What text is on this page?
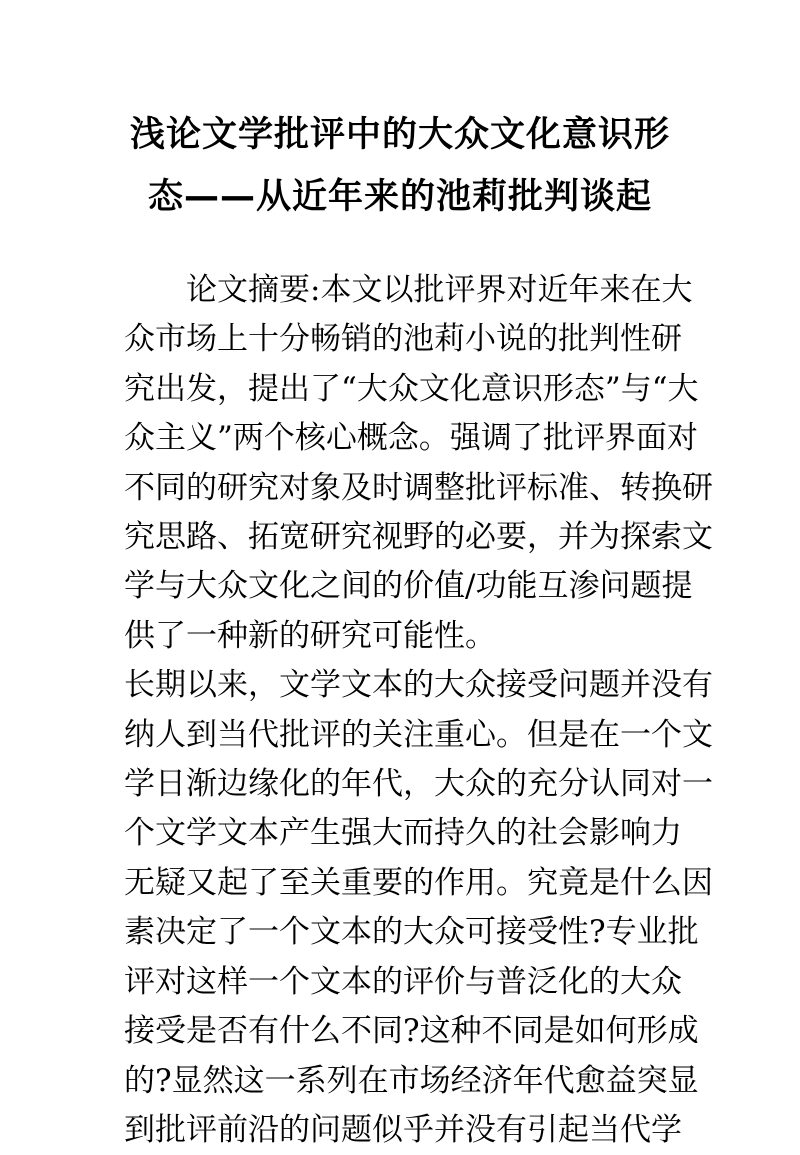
浅论文学批评中的大众文化意识形
态——从近年来的池莉批判谈起
论文摘要:本文以批评界对近年来在大
众市场上十分畅销的池莉小说的批判性研
究出发，提出了“大众文化意识形态”与“大
众主义”两个核心概念。强调了批评界面对
不同的研究对象及时调整批评标准、转换研
究思路、拓宽研究视野的必要，并为探索文
学与大众文化之间的价值/功能互渗问题提
供了一种新的研究可能性。
长期以来，文学文本的大众接受问题并没有
纳人到当代批评的关注重心。但是在一个文
学日渐边缘化的年代，大众的充分认同对一
个文学文本产生强大而持久的社会影响力
无疑又起了至关重要的作用。究竟是什么因
素决定了一个文本的大众可接受性?专业批
评对这样一个文本的评价与普泛化的大众
接受是否有什么不同?这种不同是如何形成
的?显然这一系列在市场经济年代愈益突显
到批评前沿的问题似乎并没有引起当代学
